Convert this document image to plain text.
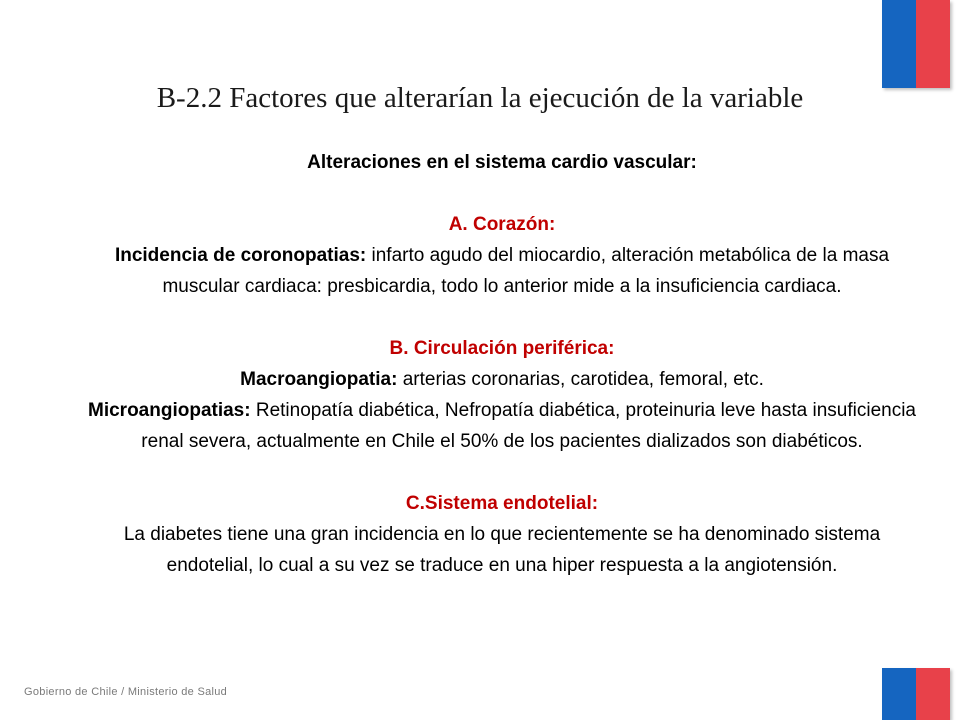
B-2.2 Factores que alterarían la ejecución de la variable

Alteraciones en el sistema cardio vascular:

A. Corazón:

Incidencia de coronopatias: infarto agudo del miocardio, alteración metabólica de la masa muscular cardiaca: presbicardia, todo lo anterior mide a la insuficiencia cardiaca.

B. Circulación periférica:

Macroangiopatia: arterias coronarias, carotidea, femoral, etc.

Microangiopatias: Retinopatía diabética, Nefropatía diabética, proteinuria leve hasta insuficiencia renal severa, actualmente en Chile el 50% de los pacientes dializados son diabéticos.

C.Sistema endotelial:

La diabetes tiene una gran incidencia en lo que recientemente se ha denominado sistema endotelial, lo cual a su vez se traduce en una hiper respuesta a la angiotensión.

Gobierno de Chile / Ministerio de Salud
